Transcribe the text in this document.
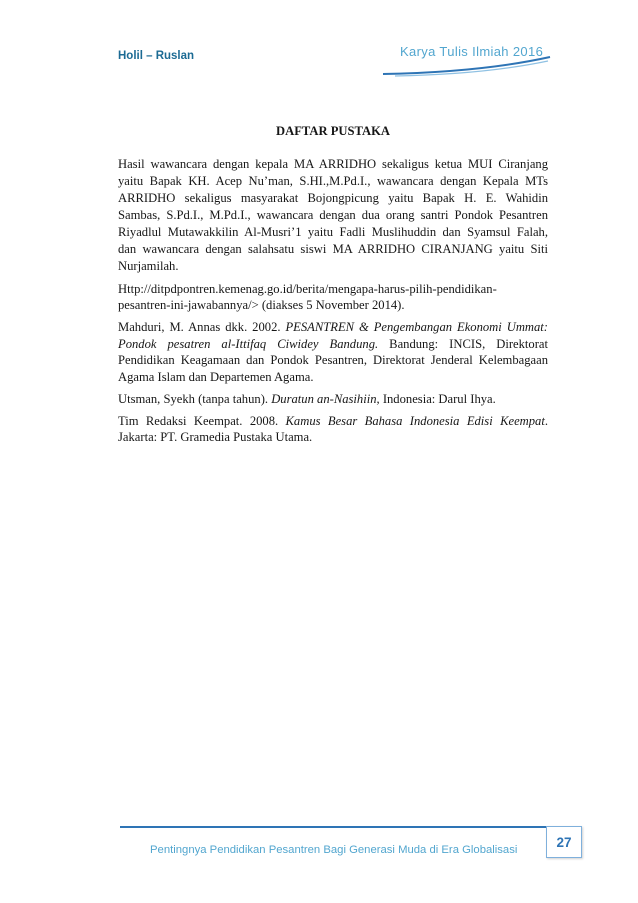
Holil – Ruslan	Karya Tulis Ilmiah 2016
DAFTAR PUSTAKA
Hasil wawancara dengan kepala MA ARRIDHO sekaligus ketua MUI Ciranjang
yaitu Bapak KH. Acep Nu’man, S.HI.,M.Pd.I., wawancara dengan Kepala MTs
ARRIDHO sekaligus masyarakat Bojongpicung yaitu Bapak H. E. Wahidin
Sambas, S.Pd.I., M.Pd.I., wawancara dengan dua orang santri Pondok Pesantren
Riyadlul Mutawakkilin Al-Musri’1 yaitu Fadli Muslihuddin dan Syamsul Falah,
dan wawancara dengan salahsatu siswi MA ARRIDHO CIRANJANG yaitu Siti
Nurjamilah.
Http://ditpdpontren.kemenag.go.id/berita/mengapa-harus-pilih-pendidikan-
pesantren-ini-jawabannya/> (diakses 5 November 2014).
Mahduri, M. Annas dkk. 2002. PESANTREN & Pengembangan Ekonomi Ummat:
Pondok pesatren al-Ittifaq Ciwidey Bandung. Bandung: INCIS, Direktorat
Pendidikan Keagamaan dan Pondok Pesantren, Direktorat Jenderal Kelembagaan
Agama Islam dan Departemen Agama.
Utsman, Syekh (tanpa tahun). Duratun an-Nasihiin, Indonesia: Darul Ihya.
Tim Redaksi Keempat. 2008. Kamus Besar Bahasa Indonesia Edisi Keempat.
Jakarta: PT. Gramedia Pustaka Utama.
27
Pentingnya Pendidikan Pesantren Bagi Generasi Muda di Era Globalisasi
